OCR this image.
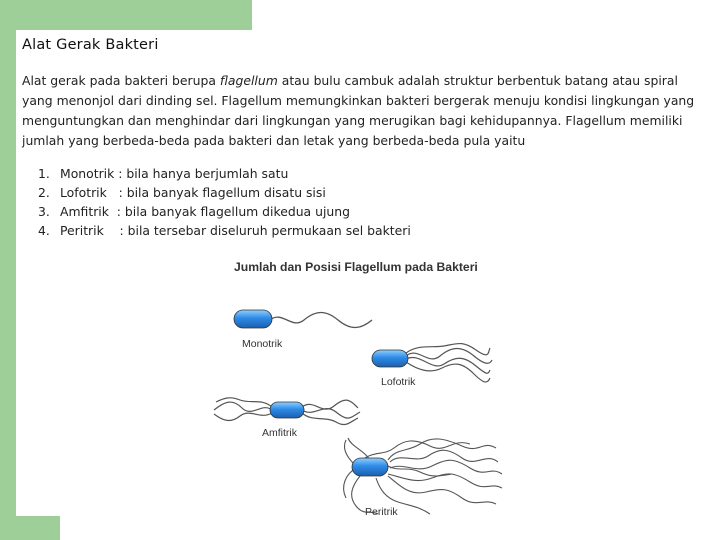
Alat Gerak Bakteri
Alat gerak pada bakteri berupa flagellum atau bulu cambuk adalah struktur berbentuk batang atau spiral yang menonjol dari dinding sel. Flagellum memungkinkan bakteri bergerak menuju kondisi lingkungan yang menguntungkan dan menghindar dari lingkungan yang merugikan bagi kehidupannya. Flagellum memiliki jumlah yang berbeda-beda pada bakteri dan letak yang berbeda-beda pula yaitu
1. Monotrik : bila hanya berjumlah satu
2. Lofotrik   : bila banyak flagellum disatu sisi
3. Amfitrik  : bila banyak flagellum dikedua ujung
4. Peritrik    : bila tersebar diseluruh permukaan sel bakteri
Jumlah dan Posisi Flagellum pada Bakteri
Monotrik
Lofotrik
Amfitrik
Peritrik
